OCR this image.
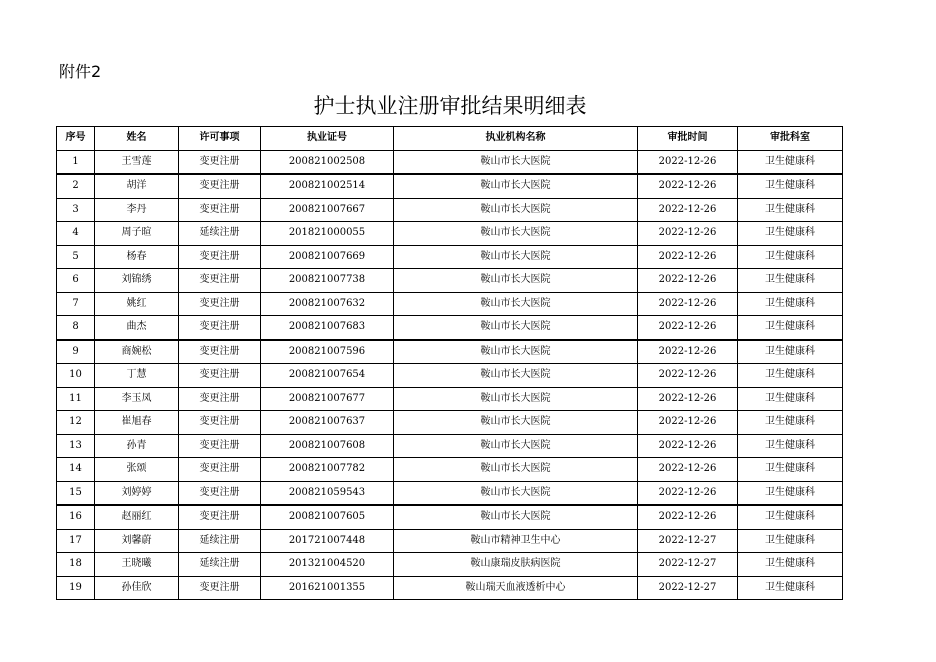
附件2
护士执业注册审批结果明细表
序号	姓名	许可事项	执业证号	执业机构名称	审批时间	审批科室
1	王雪莲	变更注册	200821002508	鞍山市长大医院	2022-12-26	卫生健康科
2	胡洋	变更注册	200821002514	鞍山市长大医院	2022-12-26	卫生健康科
3	李丹	变更注册	200821007667	鞍山市长大医院	2022-12-26	卫生健康科
4	周子暄	延续注册	201821000055	鞍山市长大医院	2022-12-26	卫生健康科
5	杨春	变更注册	200821007669	鞍山市长大医院	2022-12-26	卫生健康科
6	刘锦绣	变更注册	200821007738	鞍山市长大医院	2022-12-26	卫生健康科
7	姚红	变更注册	200821007632	鞍山市长大医院	2022-12-26	卫生健康科
8	曲杰	变更注册	200821007683	鞍山市长大医院	2022-12-26	卫生健康科
9	商婉松	变更注册	200821007596	鞍山市长大医院	2022-12-26	卫生健康科
10	丁慧	变更注册	200821007654	鞍山市长大医院	2022-12-26	卫生健康科
11	李玉凤	变更注册	200821007677	鞍山市长大医院	2022-12-26	卫生健康科
12	崔旭春	变更注册	200821007637	鞍山市长大医院	2022-12-26	卫生健康科
13	孙青	变更注册	200821007608	鞍山市长大医院	2022-12-26	卫生健康科
14	张颂	变更注册	200821007782	鞍山市长大医院	2022-12-26	卫生健康科
15	刘婷婷	变更注册	200821059543	鞍山市长大医院	2022-12-26	卫生健康科
16	赵丽红	变更注册	200821007605	鞍山市长大医院	2022-12-26	卫生健康科
17	刘馨蔚	延续注册	201721007448	鞍山市精神卫生中心	2022-12-27	卫生健康科
18	王晓曦	延续注册	201321004520	鞍山康瑞皮肤病医院	2022-12-27	卫生健康科
19	孙佳欣	变更注册	201621001355	鞍山瑞天血液透析中心	2022-12-27	卫生健康科
